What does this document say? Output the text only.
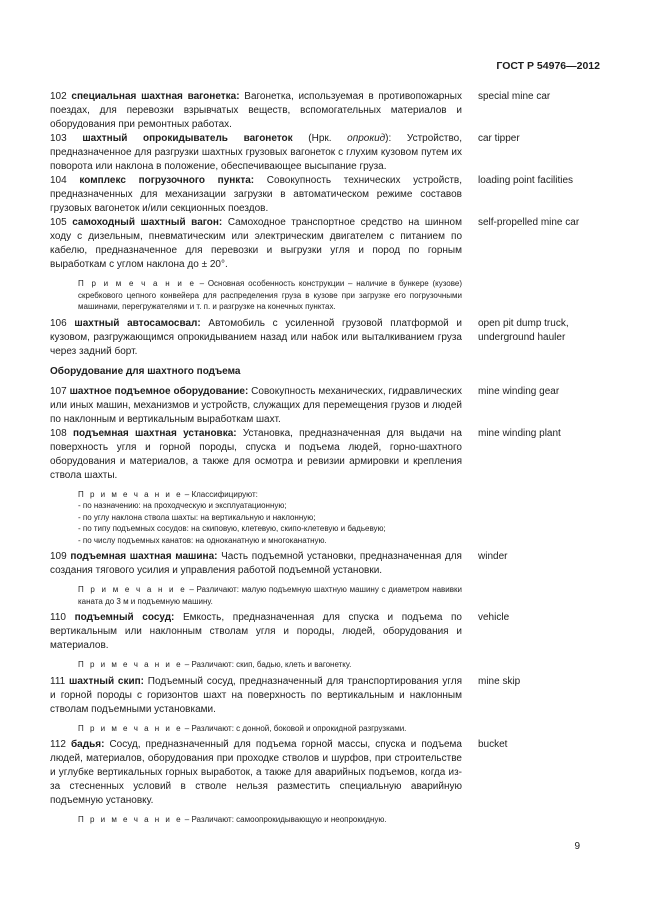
ГОСТ Р 54976—2012
102 специальная шахтная вагонетка: Вагонетка, используемая в противопожарных поездах, для перевозки взрывчатых веществ, вспомогательных материалов и оборудования при ремонтных работах.
special mine car
103 шахтный опрокидыватель вагонеток (Нрк. опрокид): Устройство, предназначенное для разгрузки шахтных грузовых вагонеток с глухим кузовом путем их поворота или наклона в положение, обеспечивающее высыпание груза.
car tipper
104 комплекс погрузочного пункта: Совокупность технических устройств, предназначенных для механизации загрузки в автоматическом режиме составов грузовых вагонеток и/или секционных поездов.
loading point facilities
105 самоходный шахтный вагон: Самоходное транспортное средство на шинном ходу с дизельным, пневматическим или электрическим двигателем с питанием по кабелю, предназначенное для перевозки и выгрузки угля и пород по горным выработкам с углом наклона до ± 20°.
self-propelled mine car
П р и м е ч а н и е – Основная особенность конструкции – наличие в бункере (кузове) скребкового цепного конвейера для распределения груза в кузове при загрузке его погрузочными машинами, перегружателями и т. п. и разгрузке на конечных пунктах.
106 шахтный автосамосвал: Автомобиль с усиленной грузовой платформой и кузовом, разгружающимся опрокидыванием назад или набок или выталкиванием груза через задний борт.
open pit dump truck, underground hauler
Оборудование для шахтного подъема
107 шахтное подъемное оборудование: Совокупность механических, гидравлических или иных машин, механизмов и устройств, служащих для перемещения грузов и людей по наклонным и вертикальным выработкам шахт.
mine winding gear
108 подъемная шахтная установка: Установка, предназначенная для выдачи на поверхность угля и горной породы, спуска и подъема людей, горно-шахтного оборудования и материалов, а также для осмотра и ревизии армировки и крепления ствола шахты.
mine winding plant
П р и м е ч а н и е – Классифицируют:
- по назначению: на проходческую и эксплуатационную;
- по углу наклона ствола шахты: на вертикальную и наклонную;
- по типу подъемных сосудов: на скиповую, клетевую, скипо-клетевую и бадьевую;
- по числу подъемных канатов: на одноканатную и многоканатную.
109 подъемная шахтная машина: Часть подъемной установки, предназначенная для создания тягового усилия и управления работой подъемной установки.
winder
П р и м е ч а н и е – Различают: малую подъемную шахтную машину с диаметром навивки каната до 3 м и подъемную машину.
110 подъемный сосуд: Емкость, предназначенная для спуска и подъема по вертикальным или наклонным стволам угля и породы, людей, оборудования и материалов.
vehicle
П р и м е ч а н и е – Различают: скип, бадью, клеть и вагонетку.
111 шахтный скип: Подъемный сосуд, предназначенный для транспортирования угля и горной породы с горизонтов шахт на поверхность по вертикальным и наклонным стволам подъемными установками.
mine skip
П р и м е ч а н и е – Различают: с донной, боковой и опрокидной разгрузками.
112 бадья: Сосуд, предназначенный для подъема горной массы, спуска и подъема людей, материалов, оборудования при проходке стволов и шурфов, при строительстве и углубке вертикальных горных выработок, а также для аварийных подъемов, когда из-за стесненных условий в стволе нельзя разместить специальную аварийную подъемную установку.
bucket
П р и м е ч а н и е – Различают: самоопрокидывающую и неопрокидную.
9
